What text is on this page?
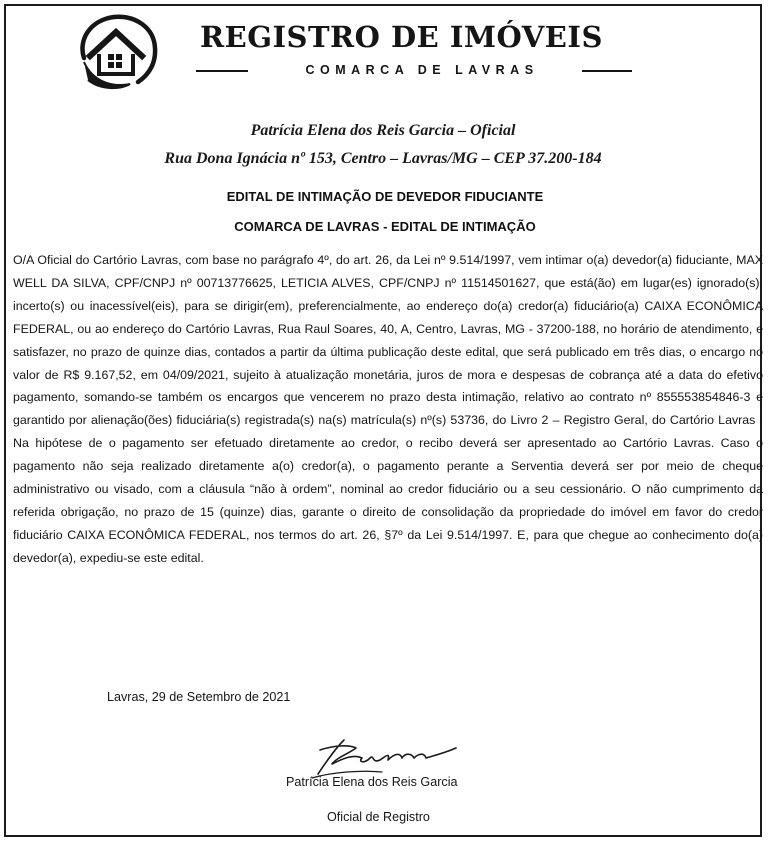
REGISTRO DE IMÓVEIS
COMARCA DE LAVRAS
Patrícia Elena dos Reis Garcia – Oficial
Rua Dona Ignácia nº 153, Centro – Lavras/MG – CEP 37.200-184
EDITAL DE INTIMAÇÃO DE DEVEDOR FIDUCIANTE
COMARCA DE LAVRAS - EDITAL DE INTIMAÇÃO

O/A Oficial do Cartório Lavras, com base no parágrafo 4º, do art. 26, da Lei nº 9.514/1997, vem intimar o(a) devedor(a) fiduciante, MAX WELL DA SILVA, CPF/CNPJ nº 00713776625, LETICIA ALVES, CPF/CNPJ nº 11514501627, que está(ão) em lugar(es) ignorado(s), incerto(s) ou inacessível(eis), para se dirigir(em), preferencialmente, ao endereço do(a) credor(a) fiduciário(a) CAIXA ECONÔMICA FEDERAL, ou ao endereço do Cartório Lavras, Rua Raul Soares, 40, A, Centro, Lavras, MG - 37200-188, no horário de atendimento, e satisfazer, no prazo de quinze dias, contados a partir da última publicação deste edital, que será publicado em três dias, o encargo no valor de R$ 9.167,52, em 04/09/2021, sujeito à atualização monetária, juros de mora e despesas de cobrança até a data do efetivo pagamento, somando-se também os encargos que vencerem no prazo desta intimação, relativo ao contrato nº 855553854846-3 e garantido por alienação(ões) fiduciária(s) registrada(s) na(s) matrícula(s) nº(s) 53736, do Livro 2 – Registro Geral, do Cartório Lavras . Na hipótese de o pagamento ser efetuado diretamente ao credor, o recibo deverá ser apresentado ao Cartório Lavras. Caso o pagamento não seja realizado diretamente a(o) credor(a), o pagamento perante a Serventia deverá ser por meio de cheque administrativo ou visado, com a cláusula “não à ordem”, nominal ao credor fiduciário ou a seu cessionário. O não cumprimento da referida obrigação, no prazo de 15 (quinze) dias, garante o direito de consolidação da propriedade do imóvel em favor do credor fiduciário CAIXA ECONÔMICA FEDERAL, nos termos do art. 26, §7º da Lei 9.514/1997. E, para que chegue ao conhecimento do(a) devedor(a), expediu-se este edital.

Lavras, 29 de Setembro de 2021
Patrícia Elena dos Reis Garcia
Oficial de Registro
